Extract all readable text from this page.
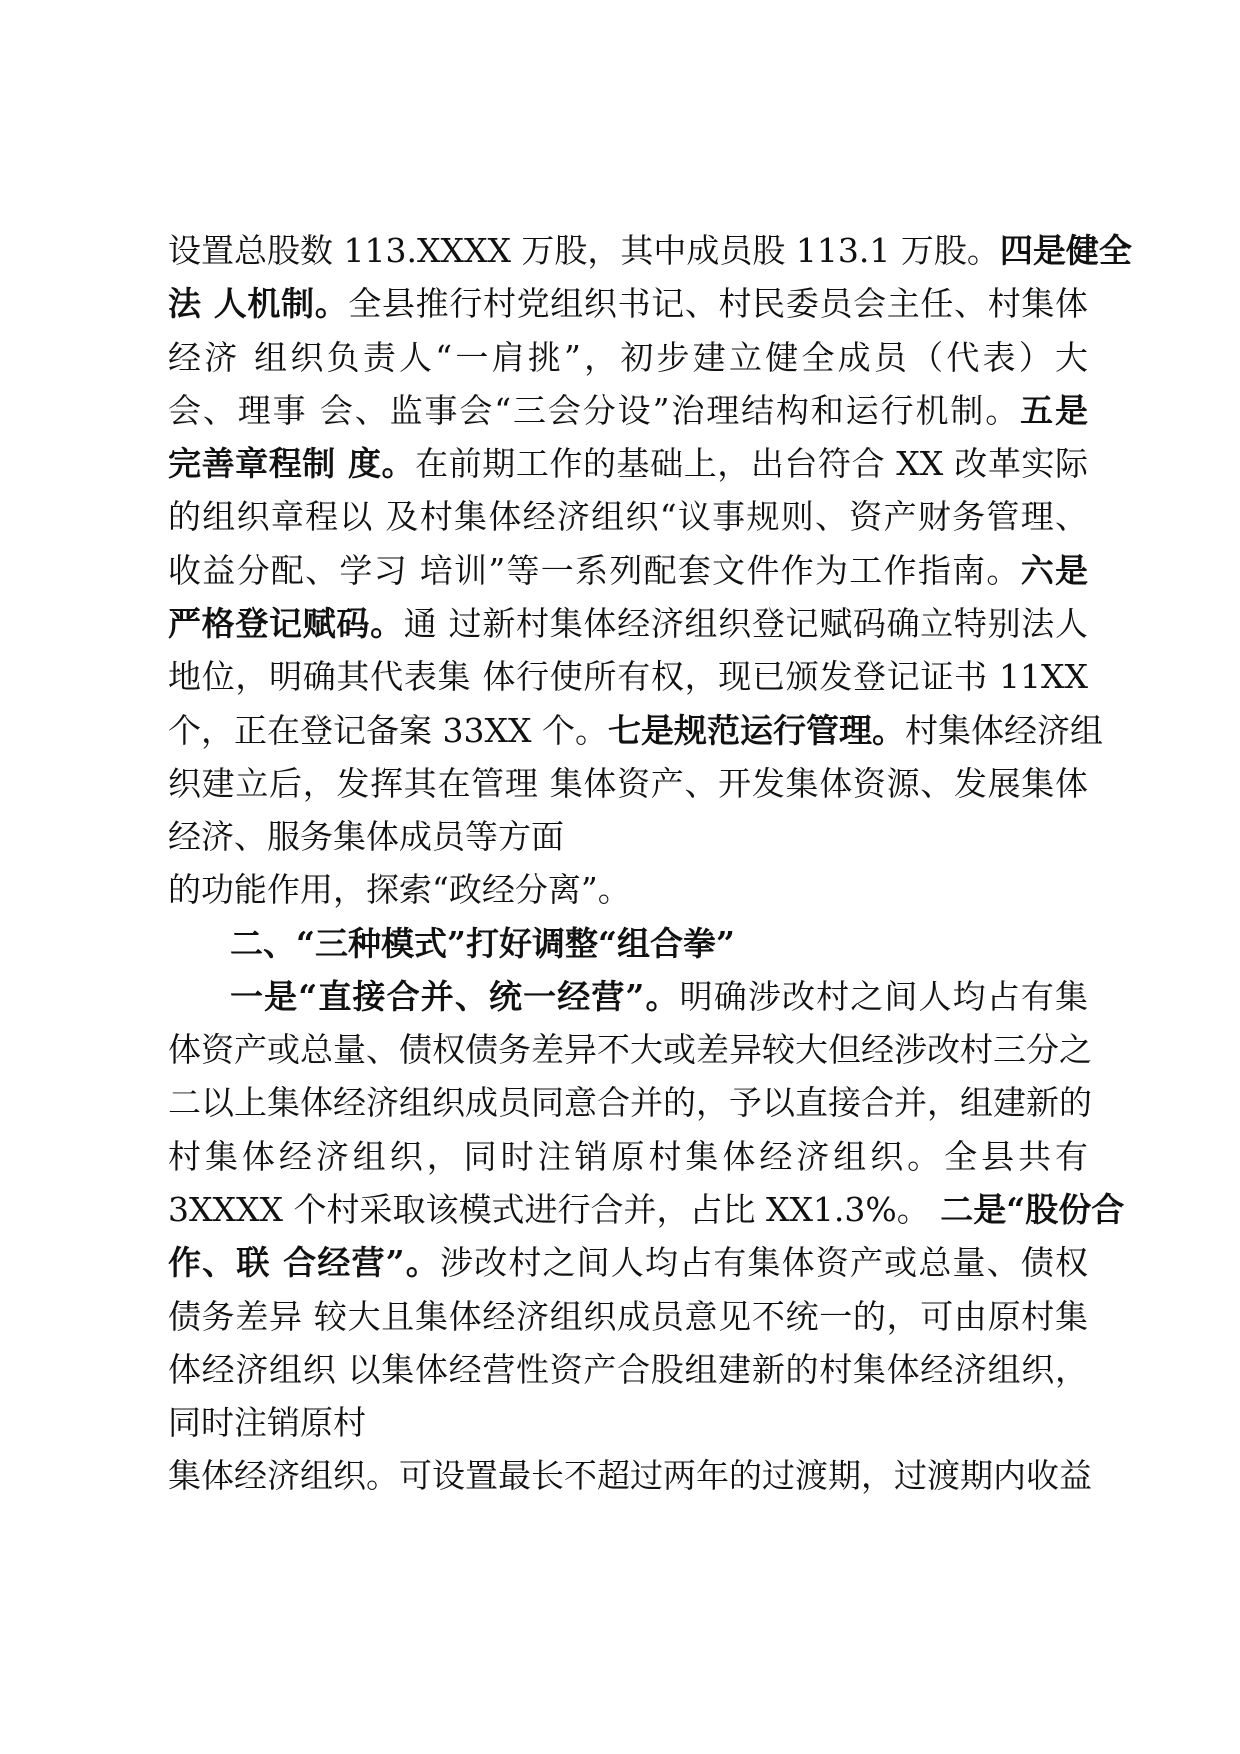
设置总股数 113.XXXX 万股，其中成员股 113.1 万股。四是健全
法 人机制。全县推行村党组织书记、村民委员会主任、村集体
经济 组织负责人“一肩挑”，初步建立健全成员（代表）大
会、理事 会、监事会“三会分设”治理结构和运行机制。五是
完善章程制 度。在前期工作的基础上，出台符合 XX 改革实际
的组织章程以 及村集体经济组织“议事规则、资产财务管理、
收益分配、学习 培训”等一系列配套文件作为工作指南。六是
严格登记赋码。通 过新村集体经济组织登记赋码确立特别法人
地位，明确其代表集 体行使所有权，现已颁发登记证书 11XX
个，正在登记备案 33XX 个。七是规范运行管理。村集体经济组
织建立后，发挥其在管理 集体资产、开发集体资源、发展集体
经济、服务集体成员等方面
的功能作用，探索“政经分离”。
二、“三种模式”打好调整“组合拳”
一是“直接合并、统一经营”。明确涉改村之间人均占有集
体资产或总量、债权债务差异不大或差异较大但经涉改村三分之
二以上集体经济组织成员同意合并的，予以直接合并，组建新的
村集体经济组织，同时注销原村集体经济组织。全县共有
3XXXX 个村采取该模式进行合并，占比 XX1.3%。 二是“股份合
作、联 合经营”。涉改村之间人均占有集体资产或总量、债权
债务差异 较大且集体经济组织成员意见不统一的，可由原村集
体经济组织 以集体经营性资产合股组建新的村集体经济组织，
同时注销原村
集体经济组织。可设置最长不超过两年的过渡期，过渡期内收益
